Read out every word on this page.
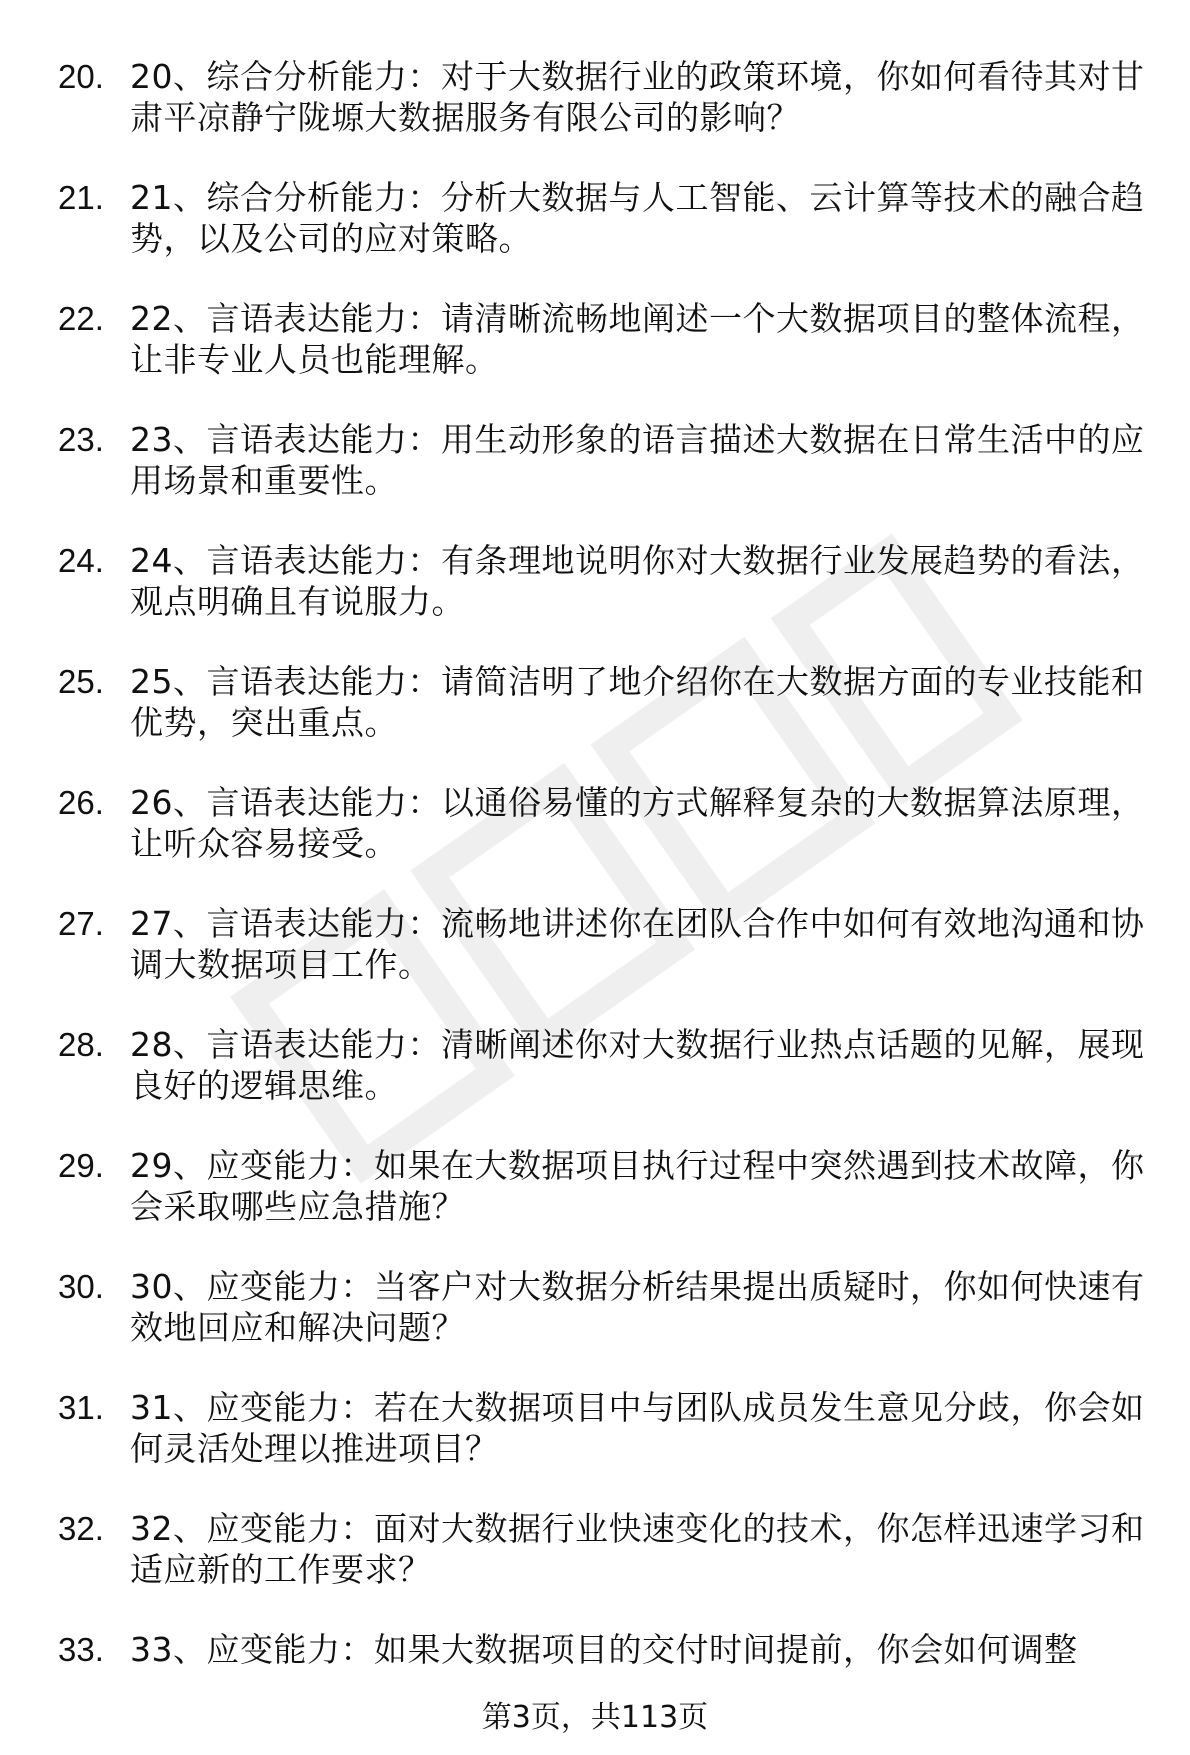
20. 20、综合分析能力：对于大数据行业的政策环境，你如何看待其对甘肃平凉静宁陇塬大数据服务有限公司的影响？
21. 21、综合分析能力：分析大数据与人工智能、云计算等技术的融合趋势，以及公司的应对策略。
22. 22、言语表达能力：请清晰流畅地阐述一个大数据项目的整体流程，让非专业人员也能理解。
23. 23、言语表达能力：用生动形象的语言描述大数据在日常生活中的应用场景和重要性。
24. 24、言语表达能力：有条理地说明你对大数据行业发展趋势的看法，观点明确且有说服力。
25. 25、言语表达能力：请简洁明了地介绍你在大数据方面的专业技能和优势，突出重点。
26. 26、言语表达能力：以通俗易懂的方式解释复杂的大数据算法原理，让听众容易接受。
27. 27、言语表达能力：流畅地讲述你在团队合作中如何有效地沟通和协调大数据项目工作。
28. 28、言语表达能力：清晰阐述你对大数据行业热点话题的见解，展现良好的逻辑思维。
29. 29、应变能力：如果在大数据项目执行过程中突然遇到技术故障，你会采取哪些应急措施？
30. 30、应变能力：当客户对大数据分析结果提出质疑时，你如何快速有效地回应和解决问题？
31. 31、应变能力：若在大数据项目中与团队成员发生意见分歧，你会如何灵活处理以推进项目？
32. 32、应变能力：面对大数据行业快速变化的技术，你怎样迅速学习和适应新的工作要求？
33. 33、应变能力：如果大数据项目的交付时间提前，你会如何调整
第3页，共113页
